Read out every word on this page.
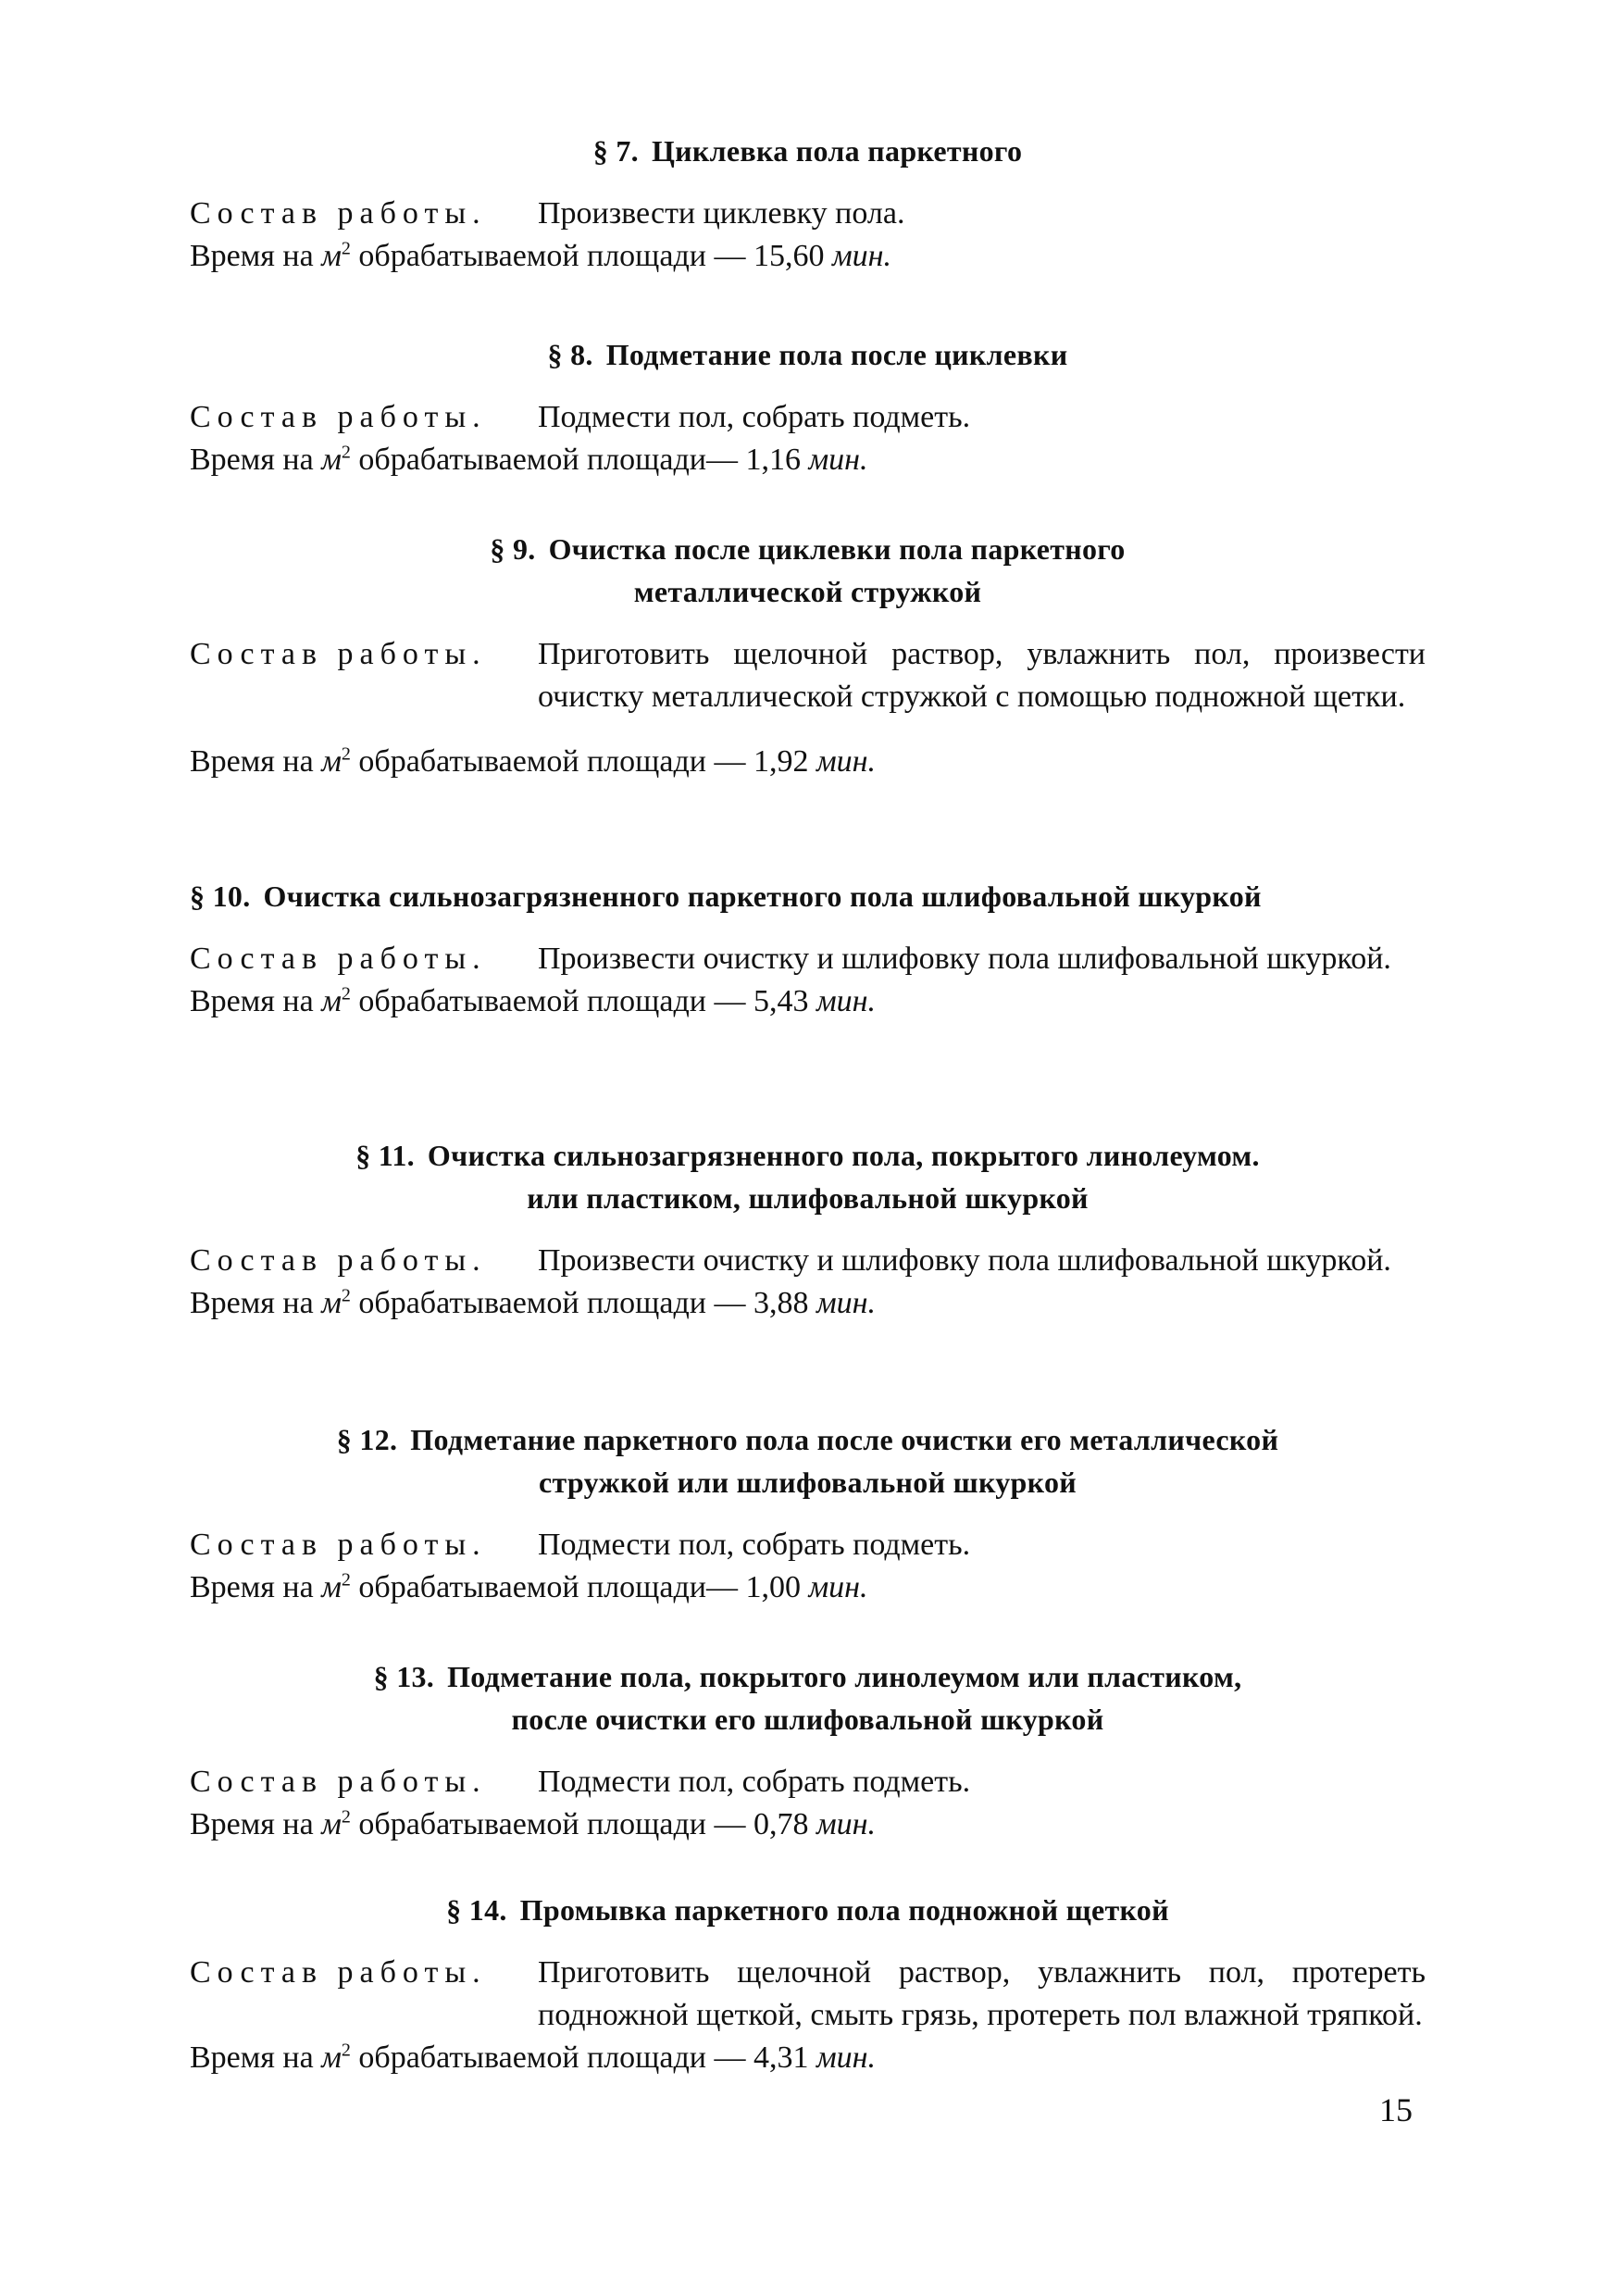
§ 7. Циклевка пола паркетного

Состав работы.	Произвести циклевку пола.
Время на $м^2$ обрабатываемой площади — 15,60 мин.

§ 8. Подметание пола после циклевки

Состав работы.	Подмести пол, собрать подметь.
Время на $м^2$ обрабатываемой площади— 1,16 мин.

§ 9. Очистка после циклевки пола паркетного
металлической стружкой

Состав работы.	Приготовить щелочной раствор, увлажнить пол, произвести очистку металлической стружкой с помощью подножной щетки.
Время на $м^2$ обрабатываемой площади — 1,92 мин.

§ 10. Очистка сильнозагрязненного паркетного пола шлифовальной шкуркой

Состав работы.	Произвести очистку и шлифовку пола шлифовальной шкуркой.
Время на $м^2$ обрабатываемой площади — 5,43 мин.

§ 11. Очистка сильнозагрязненного пола, покрытого линолеумом.
или пластиком, шлифовальной шкуркой

Состав работы.	Произвести очистку и шлифовку пола шлифовальной шкуркой.
Время на $м^2$ обрабатываемой площади — 3,88 мин.

§ 12. Подметание паркетного пола после очистки его металлической
стружкой или шлифовальной шкуркой

Состав работы.	Подмести пол, собрать подметь.
Время на $м^2$ обрабатываемой площади— 1,00 мин.

§ 13. Подметание пола, покрытого линолеумом или пластиком,
после очистки его шлифовальной шкуркой

Состав работы.	Подмести пол, собрать подметь.
Время на $м^2$ обрабатываемой площади — 0,78 мин.

§ 14. Промывка паркетного пола подножной щеткой

Состав работы.	Приготовить щелочной раствор, увлажнить пол, протереть подножной щеткой, смыть грязь, протереть пол влажной тряпкой.
Время на $м^2$ обрабатываемой площади — 4,31 мин.
15
